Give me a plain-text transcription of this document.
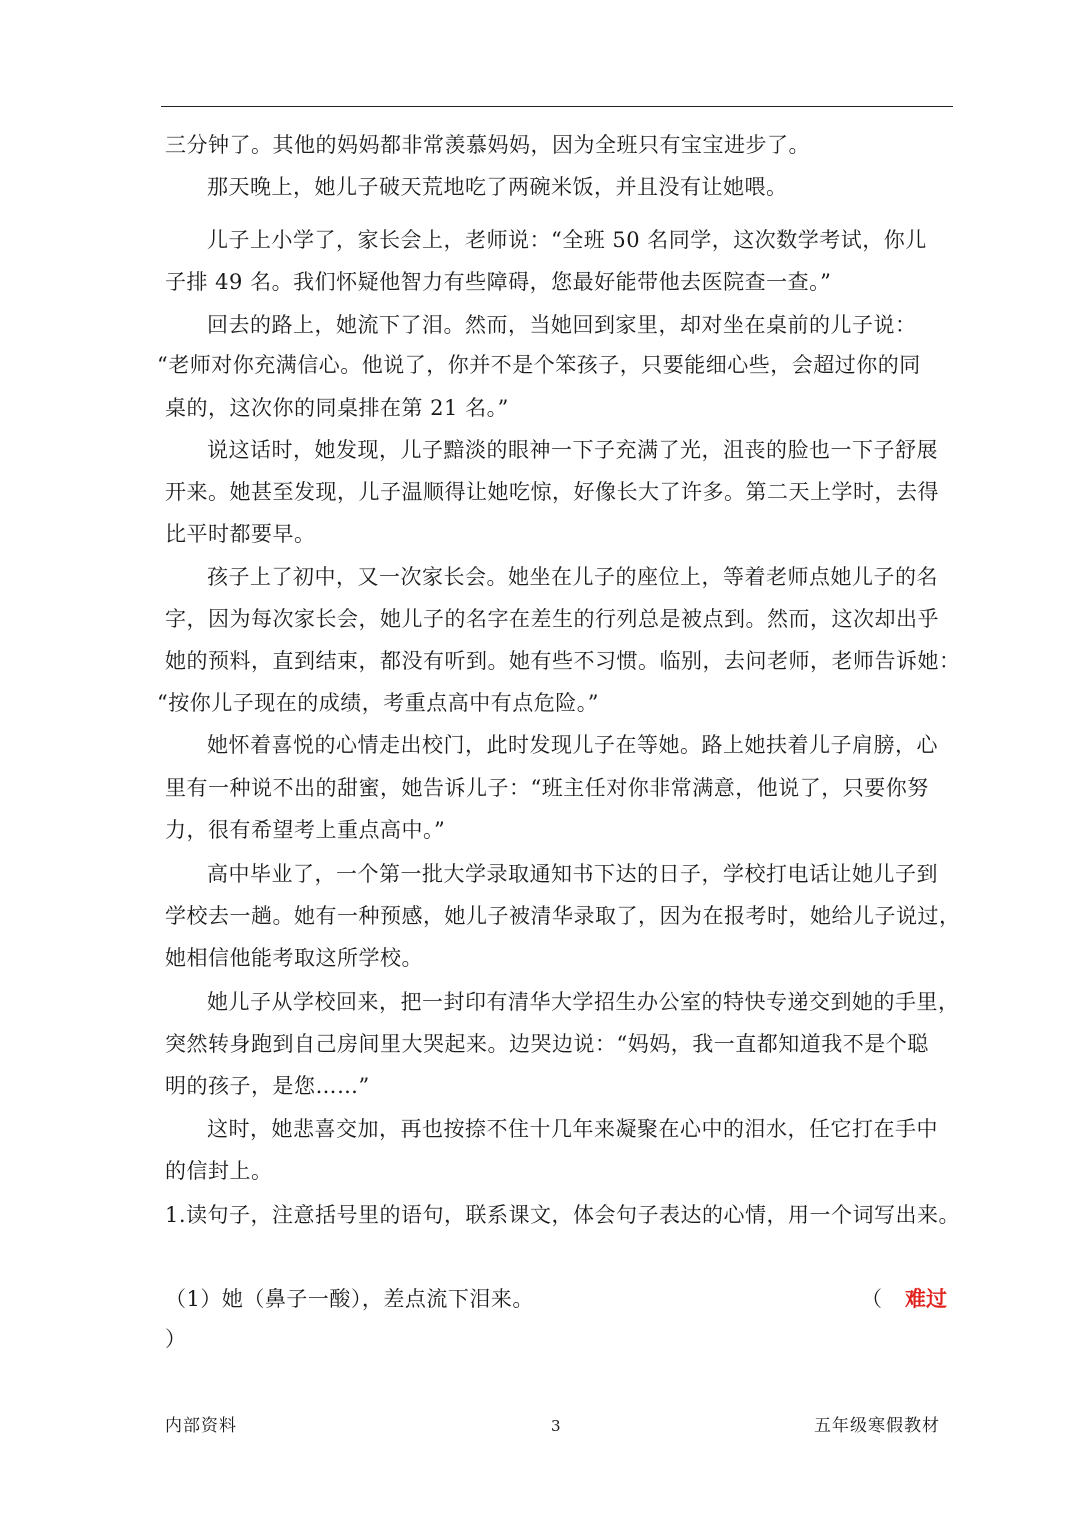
三分钟了。其他的妈妈都非常羡慕妈妈，因为全班只有宝宝进步了。
那天晚上，她儿子破天荒地吃了两碗米饭，并且没有让她喂。
儿子上小学了，家长会上，老师说：“全班 50 名同学，这次数学考试，你儿
子排 49 名。我们怀疑他智力有些障碍，您最好能带他去医院查一查。”
回去的路上，她流下了泪。然而，当她回到家里，却对坐在桌前的儿子说：
“老师对你充满信心。他说了，你并不是个笨孩子，只要能细心些，会超过你的同
桌的，这次你的同桌排在第 21 名。”
说这话时，她发现，儿子黯淡的眼神一下子充满了光，沮丧的脸也一下子舒展
开来。她甚至发现，儿子温顺得让她吃惊，好像长大了许多。第二天上学时，去得
比平时都要早。
孩子上了初中，又一次家长会。她坐在儿子的座位上，等着老师点她儿子的名
字，因为每次家长会，她儿子的名字在差生的行列总是被点到。然而，这次却出乎
她的预料，直到结束，都没有听到。她有些不习惯。临别，去问老师，老师告诉她：
“按你儿子现在的成绩，考重点高中有点危险。”
她怀着喜悦的心情走出校门，此时发现儿子在等她。路上她扶着儿子肩膀，心
里有一种说不出的甜蜜，她告诉儿子：“班主任对你非常满意，他说了，只要你努
力，很有希望考上重点高中。”
高中毕业了，一个第一批大学录取通知书下达的日子，学校打电话让她儿子到
学校去一趟。她有一种预感，她儿子被清华录取了，因为在报考时，她给儿子说过，
她相信他能考取这所学校。
她儿子从学校回来，把一封印有清华大学招生办公室的特快专递交到她的手里，
突然转身跑到自己房间里大哭起来。边哭边说：“妈妈，我一直都知道我不是个聪
明的孩子，是您……”
这时，她悲喜交加，再也按捺不住十几年来凝聚在心中的泪水，任它打在手中
的信封上。
1.读句子，注意括号里的语句，联系课文，体会句子表达的心情，用一个词写出来。
（1）她（鼻子一酸），差点流下泪来。	（ 难过
）
内部资料	3	五年级寒假教材
